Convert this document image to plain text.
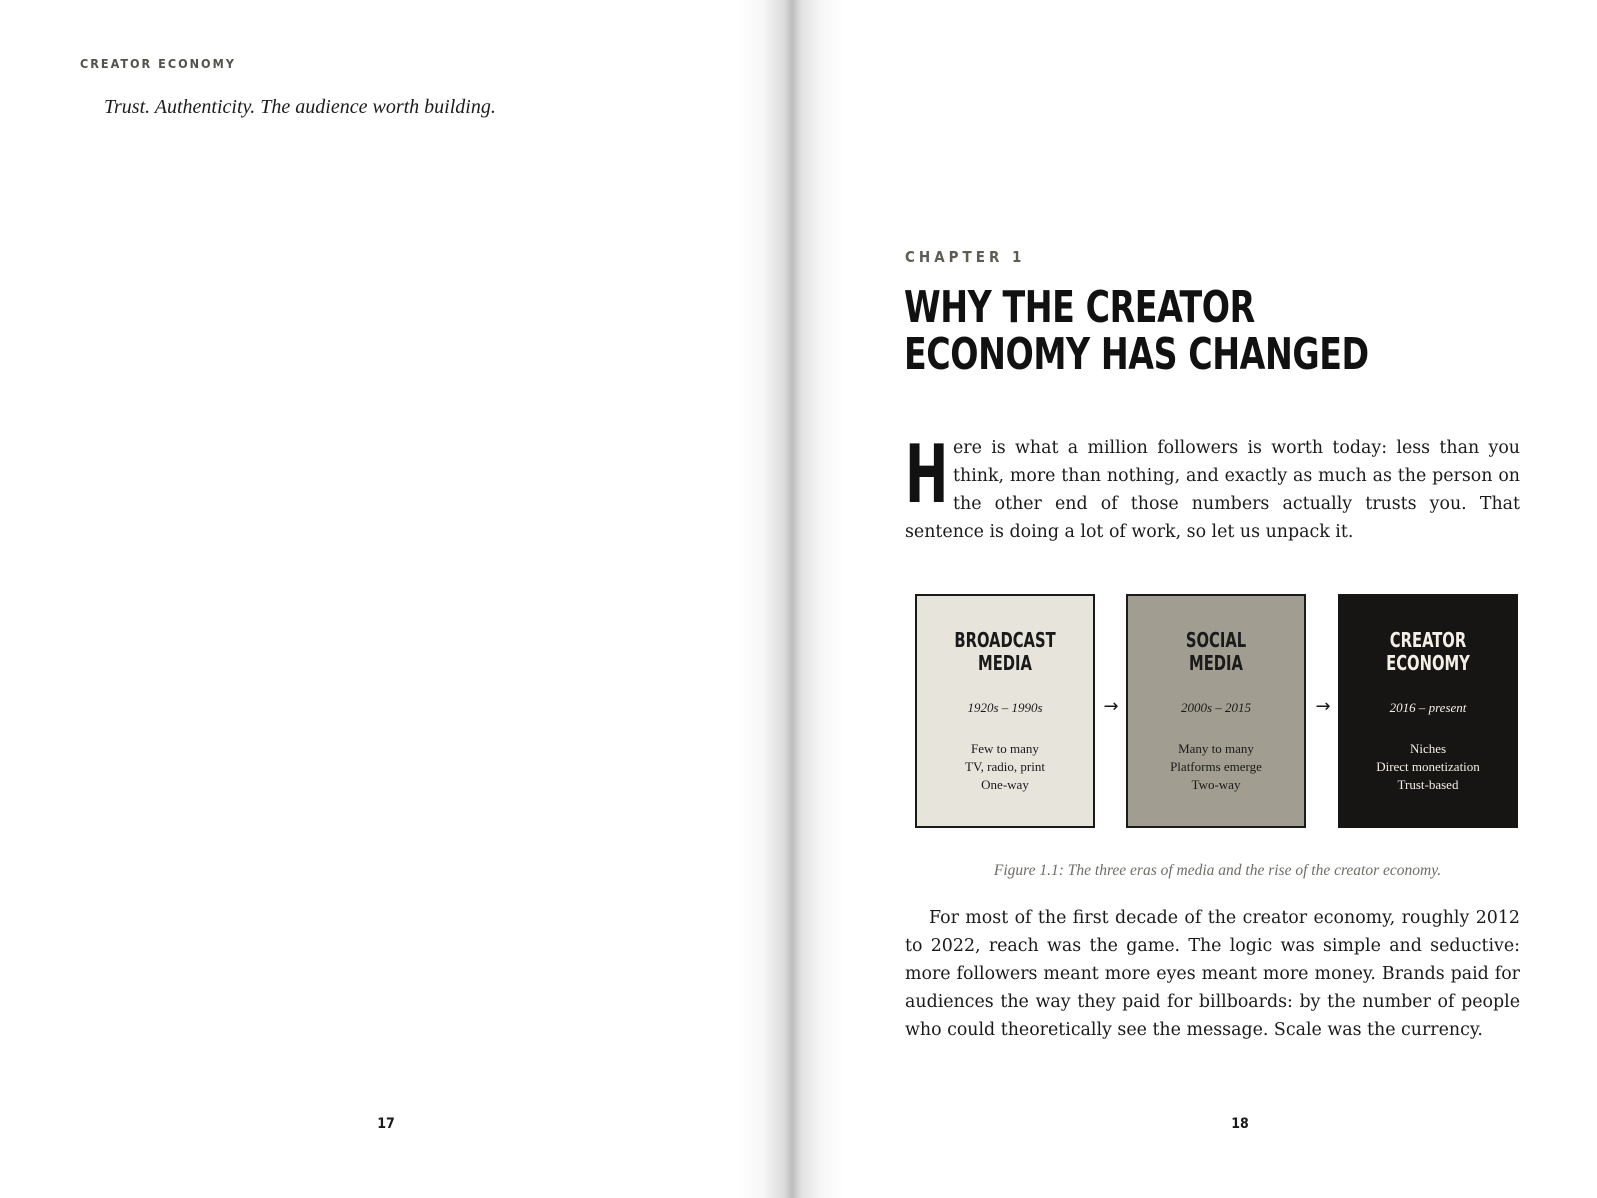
CREATOR ECONOMY

Trust. Authenticity. The audience worth building.

17

CHAPTER 1

WHY THE CREATOR ECONOMY HAS CHANGED

Here is what a million followers is worth today: less than you think, more than nothing, and exactly as much as the person on the other end of those numbers actually trusts you. That sentence is doing a lot of work, so let us unpack it.

BROADCAST
MEDIA

1920s – 1990s

Few to many
TV, radio, print
One-way
→

SOCIAL
MEDIA

2000s – 2015

Many to many
Platforms emerge
Two-way
→

CREATOR
ECONOMY

2016 – present

Niches
Direct monetization
Trust-based

Figure 1.1: The three eras of media and the rise of the creator economy.

For most of the first decade of the creator economy, roughly 2012 to 2022, reach was the game. The logic was simple and seductive: more followers meant more eyes meant more money. Brands paid for audiences the way they paid for billboards: by the number of people who could theoretically see the message. Scale was the currency.

18
